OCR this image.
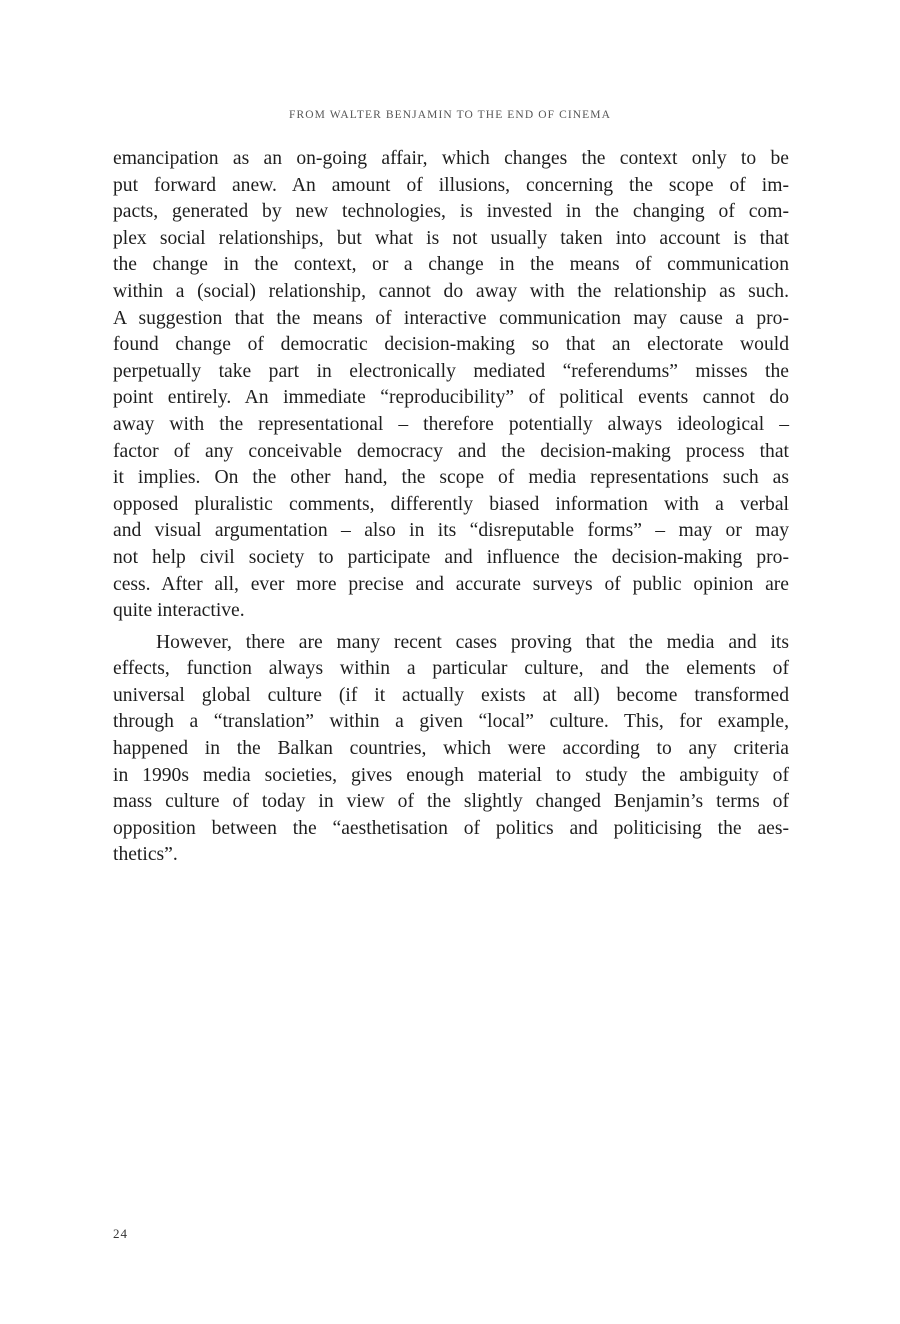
FROM WALTER BENJAMIN TO THE END OF CINEMA
emancipation as an on-going affair, which changes the context only to be
put forward anew. An amount of illusions, concerning the scope of im-
pacts, generated by new technologies, is invested in the changing of com-
plex social relationships, but what is not usually taken into account is that
the change in the context, or a change in the means of communication
within a (social) relationship, cannot do away with the relationship as such.
A suggestion that the means of interactive communication may cause a pro-
found change of democratic decision-making so that an electorate would
perpetually take part in electronically mediated “referendums” misses the
point entirely. An immediate “reproducibility” of political events cannot do
away with the representational – therefore potentially always ideological –
factor of any conceivable democracy and the decision-making process that
it implies. On the other hand, the scope of media representations such as
opposed pluralistic comments, differently biased information with a verbal
and visual argumentation – also in its “disreputable forms” – may or may
not help civil society to participate and influence the decision-making pro-
cess. After all, ever more precise and accurate surveys of public opinion are
quite interactive.
However, there are many recent cases proving that the media and its
effects, function always within a particular culture, and the elements of
universal global culture (if it actually exists at all) become transformed
through a “translation” within a given “local” culture. This, for example,
happened in the Balkan countries, which were according to any criteria
in 1990s media societies, gives enough material to study the ambiguity of
mass culture of today in view of the slightly changed Benjamin’s terms of
opposition between the “aesthetisation of politics and politicising the aes-
thetics”.
24
